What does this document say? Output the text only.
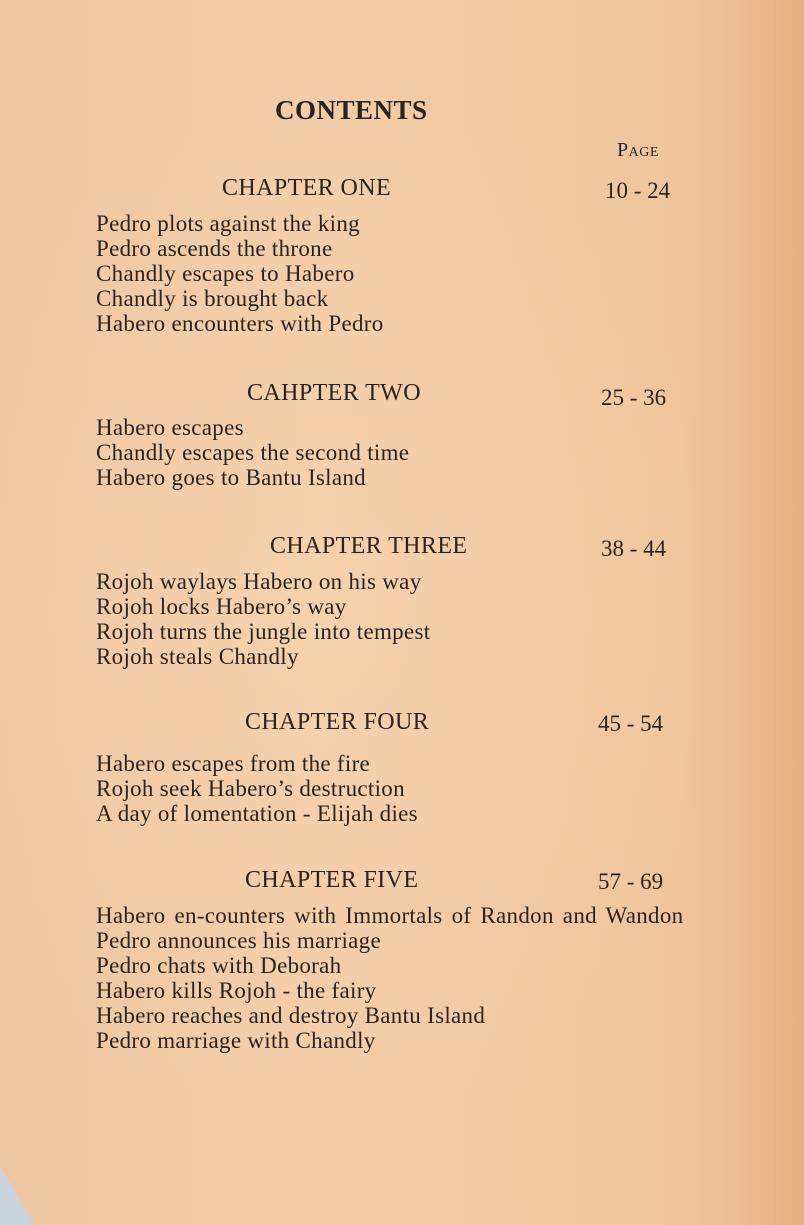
CONTENTS
Page
CHAPTER ONE	10 - 24
Pedro plots against the king
Pedro ascends the throne
Chandly escapes to Habero
Chandly is brought back
Habero encounters with Pedro
CAHPTER TWO	25 - 36
Habero escapes
Chandly escapes the second time
Habero goes to Bantu Island
CHAPTER THREE	38 - 44
Rojoh waylays Habero on his way
Rojoh locks Habero’s way
Rojoh turns the jungle into tempest
Rojoh steals Chandly
CHAPTER FOUR	45 - 54
Habero escapes from the fire
Rojoh seek Habero’s destruction
A day of lomentation - Elijah dies
CHAPTER FIVE	57 - 69
Habero en-counters with Immortals of Randon and Wandon
Pedro announces his marriage
Pedro chats with Deborah
Habero kills Rojoh - the fairy
Habero reaches and destroy Bantu Island
Pedro marriage with Chandly
